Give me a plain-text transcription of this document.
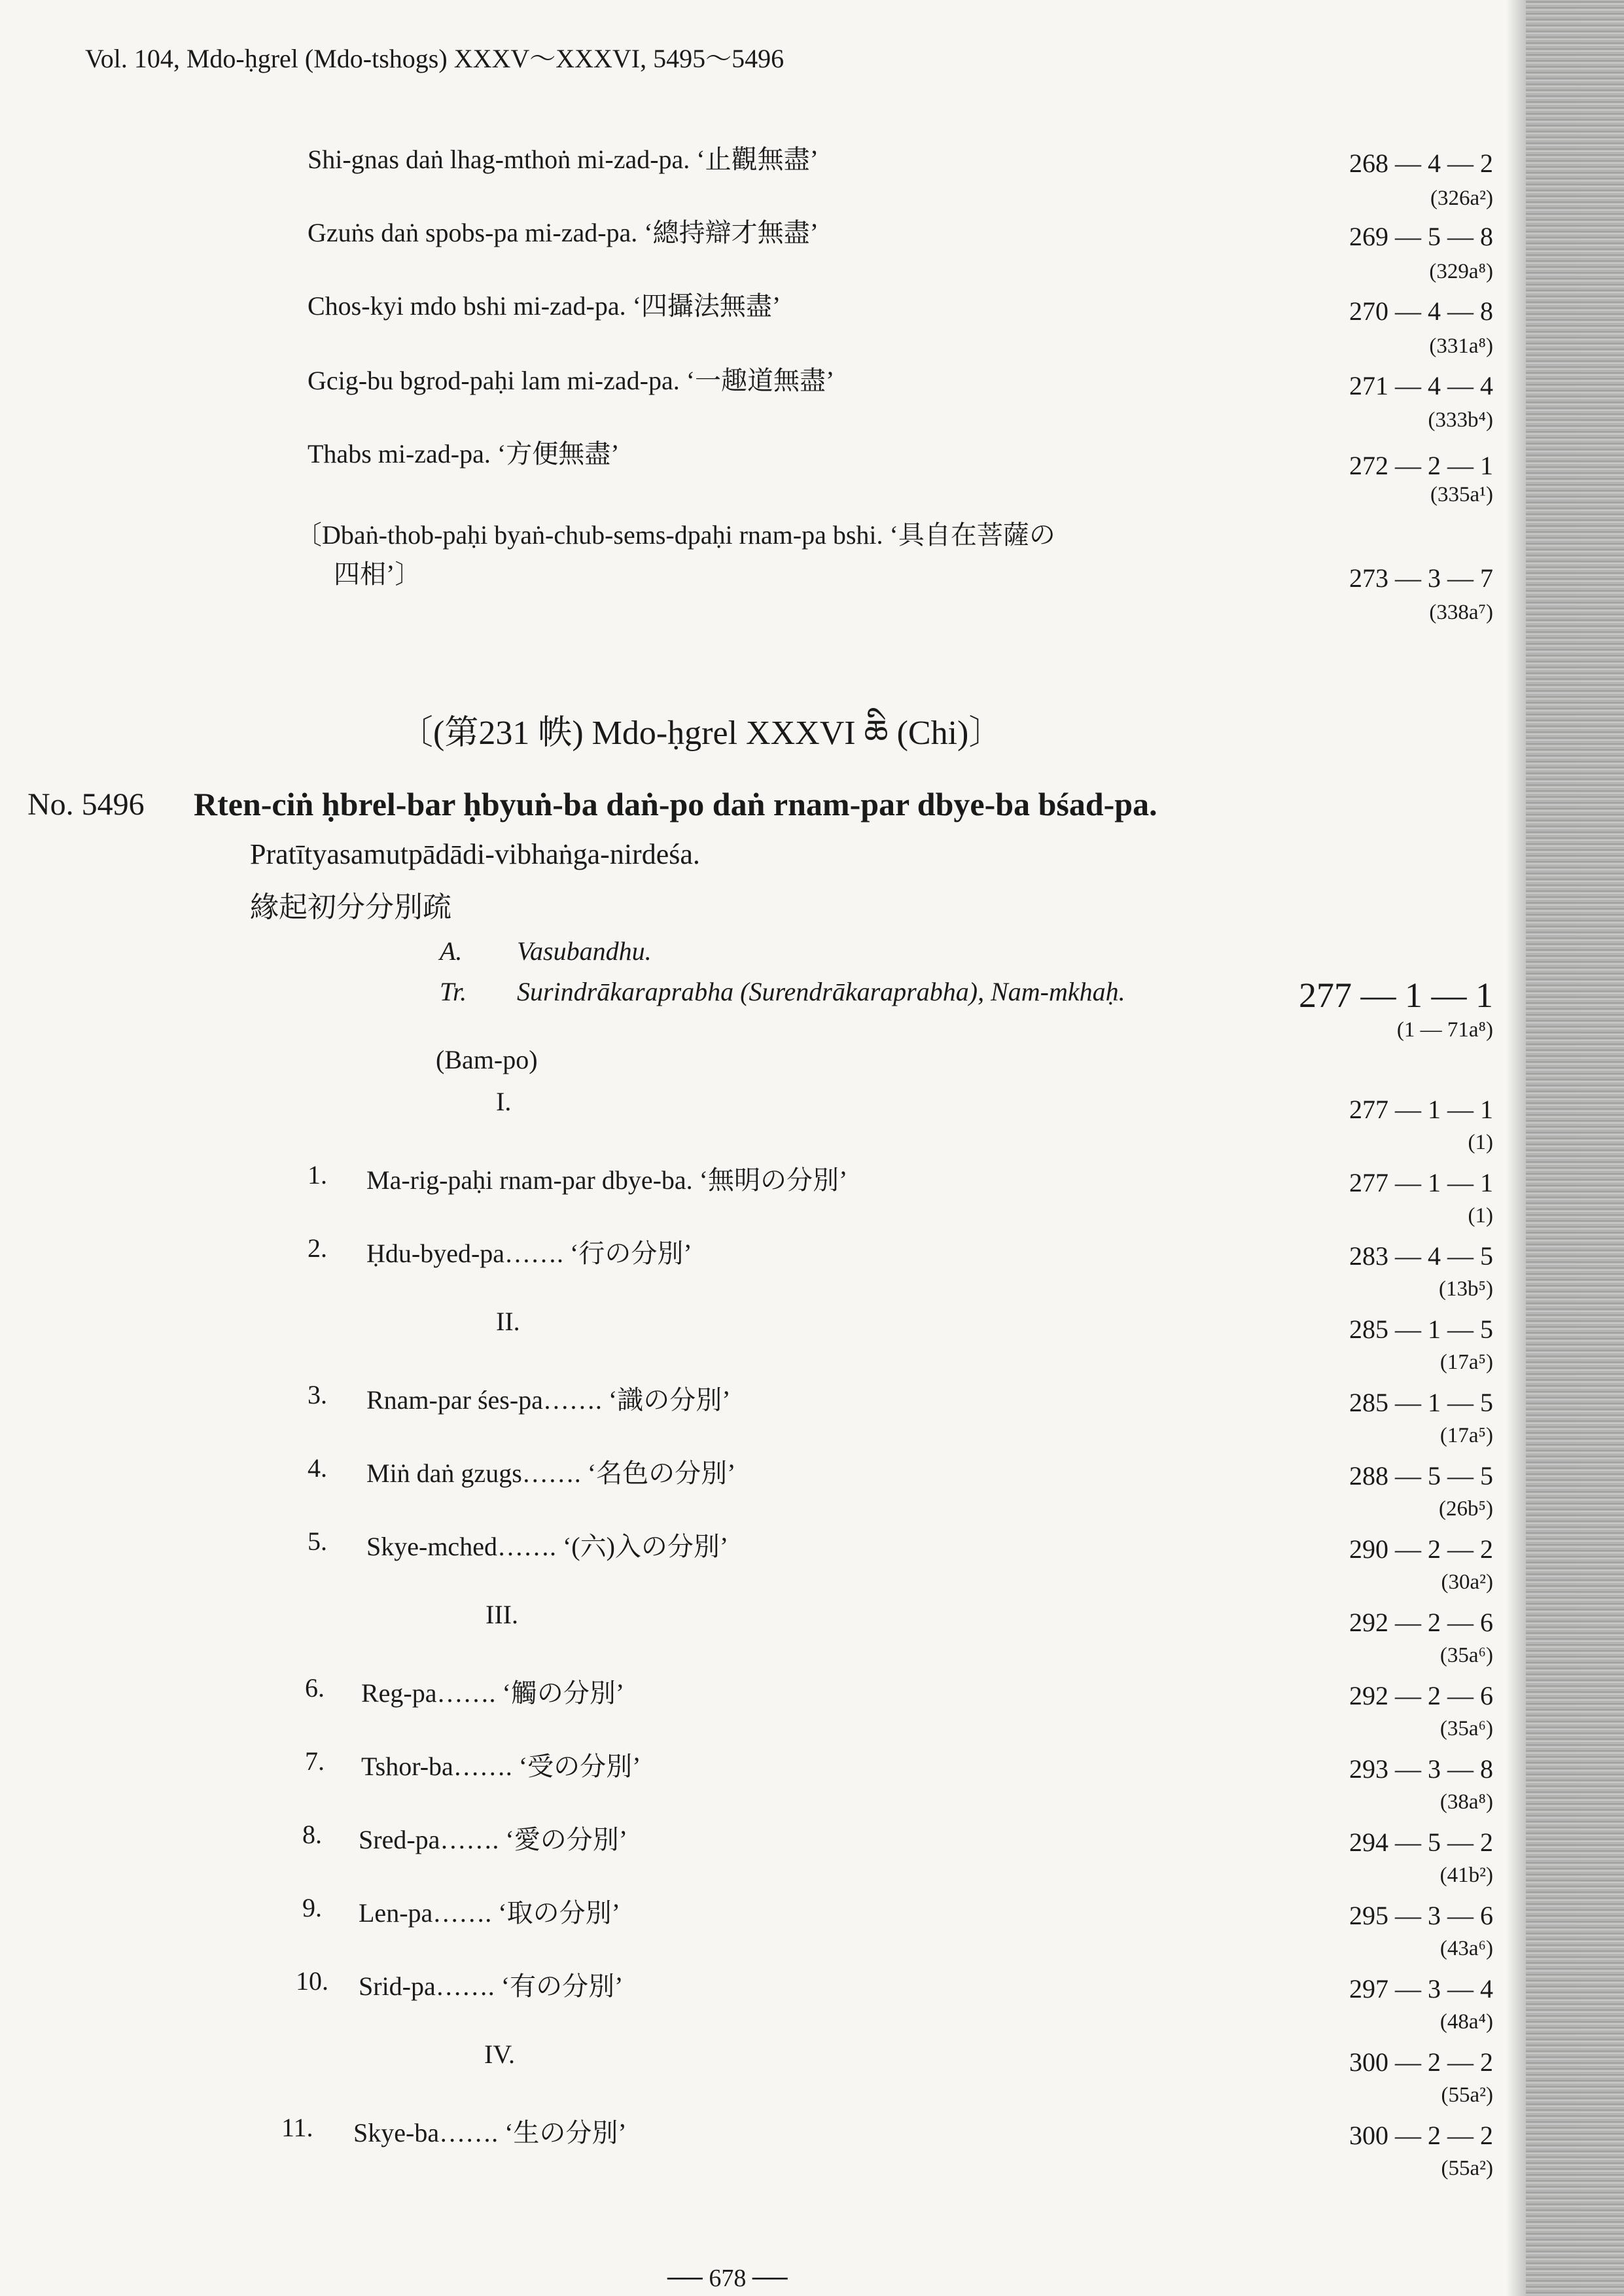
Vol. 104, Mdo-ḥgrel (Mdo-tshogs) XXXV～XXXVI, 5495～5496
Shi-gnas daṅ lhag-mthoṅ mi-zad-pa. ‘止觀無盡’	268 — 4 — 2
(326a²)
Gzuṅs daṅ spobs-pa mi-zad-pa. ‘總持辯才無盡’	269 — 5 — 8
(329a⁸)
Chos-kyi mdo bshi mi-zad-pa. ‘四攝法無盡’	270 — 4 — 8
(331a⁸)
Gcig-bu bgrod-paḥi lam mi-zad-pa. ‘一趣道無盡’	271 — 4 — 4
(333b⁴)
Thabs mi-zad-pa. ‘方便無盡’	272 — 2 — 1
(335a¹)
〔Dbaṅ-thob-paḥi byaṅ-chub-sems-dpaḥi rnam-pa bshi. ‘具自在菩薩の
四相’〕	273 — 3 — 7
(338a⁷)
〔(第231 帙) Mdo-ḥgrel XXXVI ཆི (Chi)〕
No. 5496 Rten-ciṅ ḥbrel-bar ḥbyuṅ-ba daṅ-po daṅ rnam-par dbye-ba bśad-pa.
Pratītyasamutpādādi-vibhaṅga-nirdeśa.
緣起初分分別疏
A. Vasubandhu.
Tr. Surindrākaraprabha (Surendrākaraprabha), Nam-mkhaḥ.	277 — 1 — 1
(1 — 71a⁸)
(Bam-po)
I.	277 — 1 — 1
(1)
1. Ma-rig-paḥi rnam-par dbye-ba. ‘無明の分別’	277 — 1 — 1
(1)
2. Ḥdu-byed-pa……. ‘行の分別’	283 — 4 — 5
(13b⁵)
II.	285 — 1 — 5
(17a⁵)
3. Rnam-par śes-pa……. ‘識の分別’	285 — 1 — 5
(17a⁵)
4. Miṅ daṅ gzugs……. ‘名色の分別’	288 — 5 — 5
(26b⁵)
5. Skye-mched……. ‘(六)入の分別’	290 — 2 — 2
(30a²)
III.	292 — 2 — 6
(35a⁶)
6. Reg-pa……. ‘觸の分別’	292 — 2 — 6
(35a⁶)
7. Tshor-ba……. ‘受の分別’	293 — 3 — 8
(38a⁸)
8. Sred-pa……. ‘愛の分別’	294 — 5 — 2
(41b²)
9. Len-pa……. ‘取の分別’	295 — 3 — 6
(43a⁶)
10. Srid-pa……. ‘有の分別’	297 — 3 — 4
(48a⁴)
IV.	300 — 2 — 2
(55a²)
11. Skye-ba……. ‘生の分別’	300 — 2 — 2
(55a²)
── 678 ──
